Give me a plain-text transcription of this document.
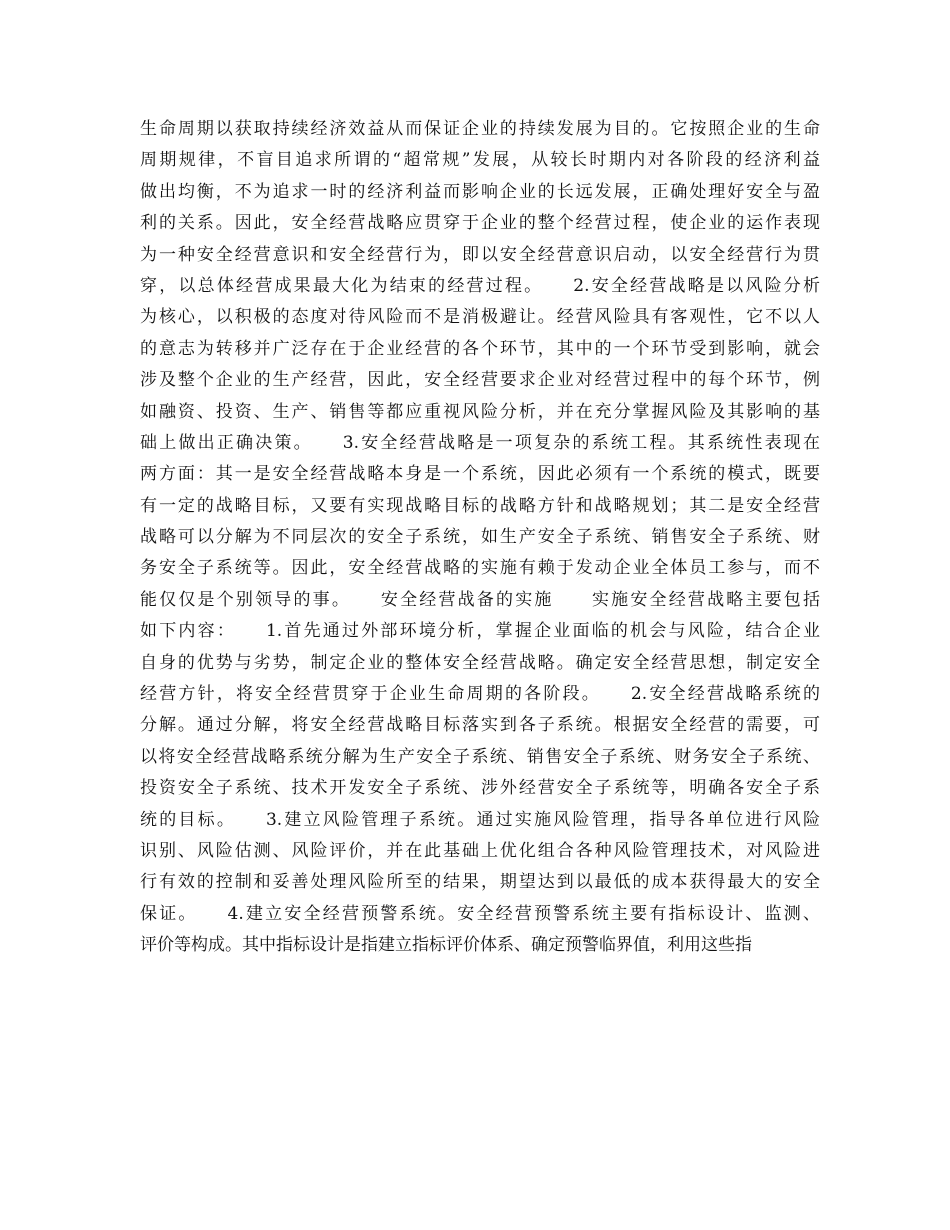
生命周期以获取持续经济效益从而保证企业的持续发展为目的。它按照企业的生命
周期规律，不盲目追求所谓的“超常规”发展，从较长时期内对各阶段的经济利益
做出均衡，不为追求一时的经济利益而影响企业的长远发展，正确处理好安全与盈
利的关系。因此，安全经营战略应贯穿于企业的整个经营过程，使企业的运作表现
为一种安全经营意识和安全经营行为，即以安全经营意识启动，以安全经营行为贯
穿，以总体经营成果最大化为结束的经营过程。　　2.安全经营战略是以风险分析
为核心，以积极的态度对待风险而不是消极避让。经营风险具有客观性，它不以人
的意志为转移并广泛存在于企业经营的各个环节，其中的一个环节受到影响，就会
涉及整个企业的生产经营，因此，安全经营要求企业对经营过程中的每个环节，例
如融资、投资、生产、销售等都应重视风险分析，并在充分掌握风险及其影响的基
础上做出正确决策。　　3.安全经营战略是一项复杂的系统工程。其系统性表现在
两方面：其一是安全经营战略本身是一个系统，因此必须有一个系统的模式，既要
有一定的战略目标，又要有实现战略目标的战略方针和战略规划；其二是安全经营
战略可以分解为不同层次的安全子系统，如生产安全子系统、销售安全子系统、财
务安全子系统等。因此，安全经营战略的实施有赖于发动企业全体员工参与，而不
能仅仅是个别领导的事。　　安全经营战备的实施　　实施安全经营战略主要包括
如下内容：　　1.首先通过外部环境分析，掌握企业面临的机会与风险，结合企业
自身的优势与劣势，制定企业的整体安全经营战略。确定安全经营思想，制定安全
经营方针，将安全经营贯穿于企业生命周期的各阶段。　　2.安全经营战略系统的
分解。通过分解，将安全经营战略目标落实到各子系统。根据安全经营的需要，可
以将安全经营战略系统分解为生产安全子系统、销售安全子系统、财务安全子系统、
投资安全子系统、技术开发安全子系统、涉外经营安全子系统等，明确各安全子系
统的目标。　　3.建立风险管理子系统。通过实施风险管理，指导各单位进行风险
识别、风险估测、风险评价，并在此基础上优化组合各种风险管理技术，对风险进
行有效的控制和妥善处理风险所至的结果，期望达到以最低的成本获得最大的安全
保证。　　4.建立安全经营预警系统。安全经营预警系统主要有指标设计、监测、
评价等构成。其中指标设计是指建立指标评价体系、确定预警临界值，利用这些指
